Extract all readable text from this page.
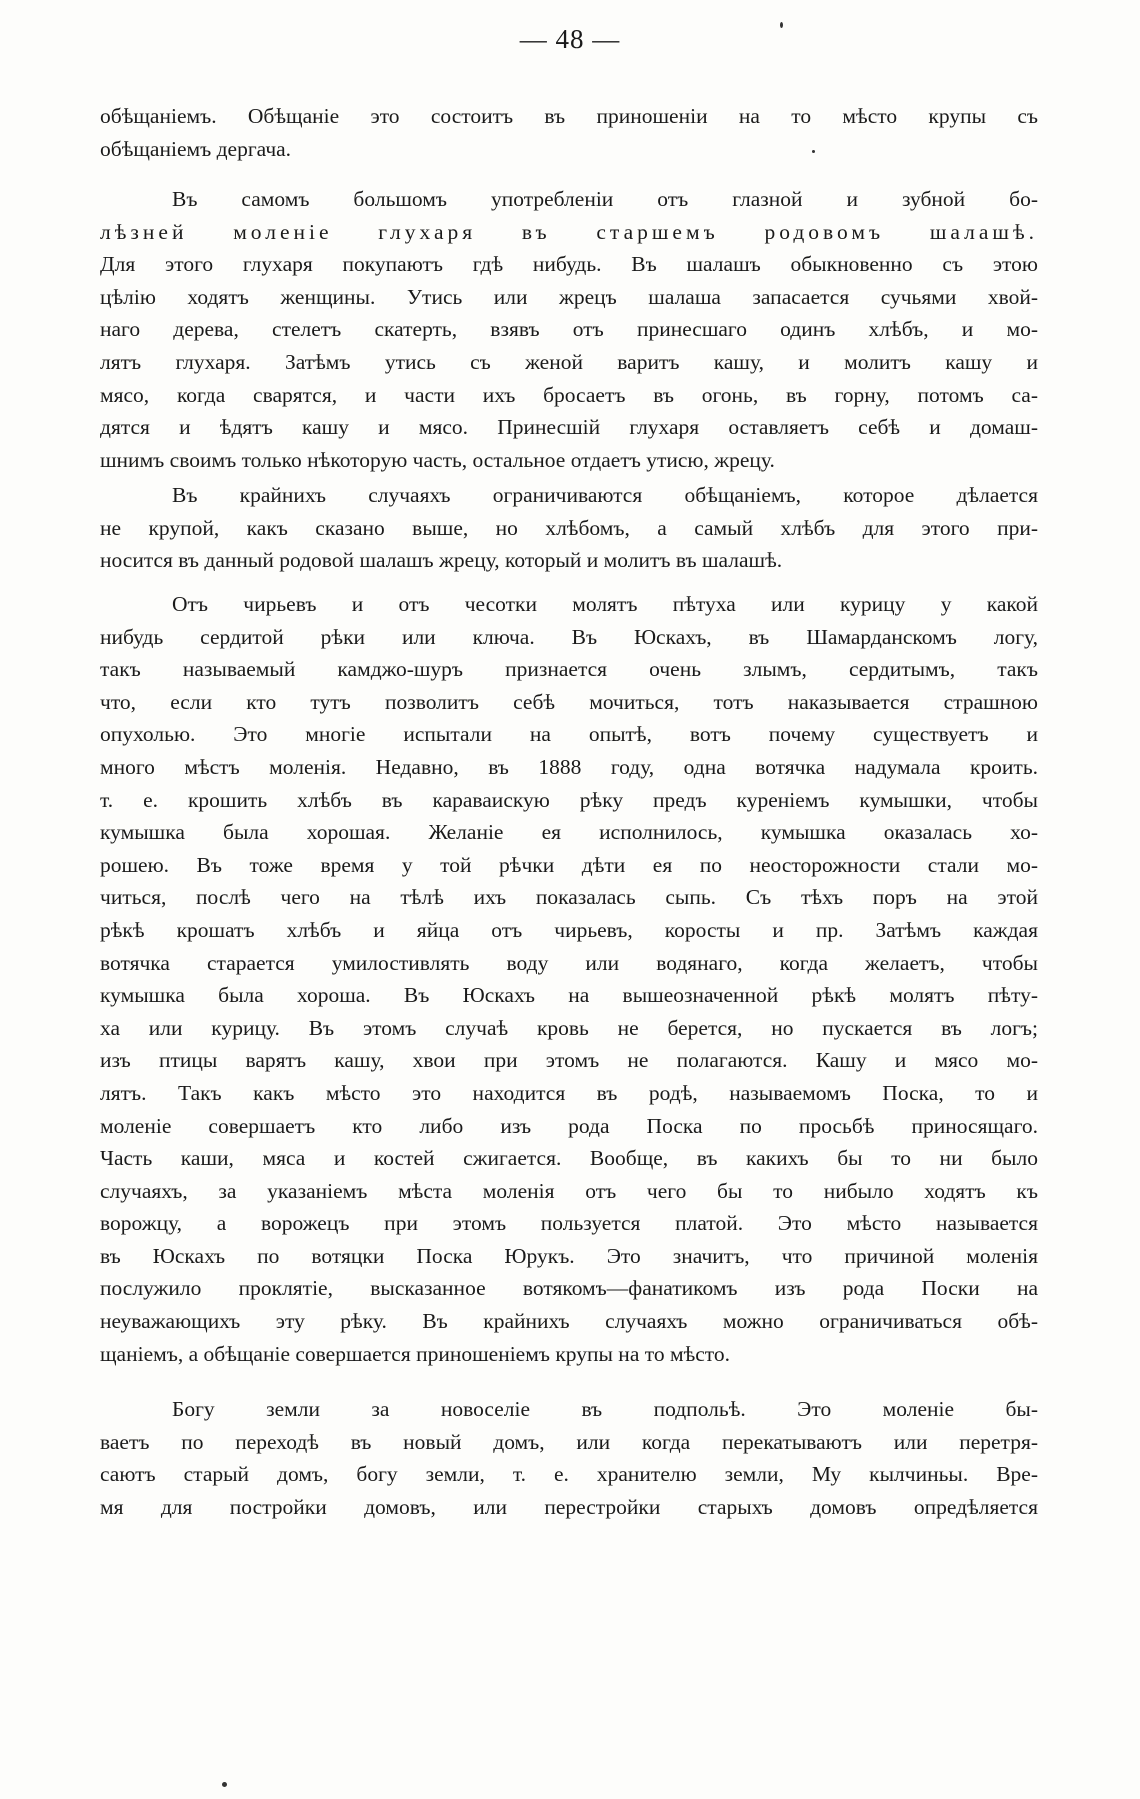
— 48 —
обѣщаніемъ. Обѣщаніе это состоитъ въ приношеніи на то мѣсто крупы съ
обѣщаніемъ дергача.
Въ самомъ большомъ употребленіи отъ глазной и зубной бо-
лѣзней моленіе глухаря въ старшемъ родовомъ шалашѣ.
Для этого глухаря покупаютъ гдѣ нибудь. Въ шалашъ обыкновенно съ этою
цѣлію ходятъ женщины. Утись или жрецъ шалаша запасается сучьями хвой-
наго дерева, стелетъ скатерть, взявъ отъ принесшаго одинъ хлѣбъ, и мо-
лятъ глухаря. Затѣмъ утись съ женой варитъ кашу, и молитъ кашу и
мясо, когда сварятся, и части ихъ бросаетъ въ огонь, въ горну, потомъ са-
дятся и ѣдятъ кашу и мясо. Принесшій глухаря оставляетъ себѣ и домаш-
шнимъ своимъ только нѣкоторую часть, остальное отдаетъ утисю, жрецу.
Въ крайнихъ случаяхъ ограничиваются обѣщаніемъ, которое дѣлается
не крупой, какъ сказано выше, но хлѣбомъ, а самый хлѣбъ для этого при-
носится въ данный родовой шалашъ жрецу, который и молитъ въ шалашѣ.
Отъ чирьевъ и отъ чесотки молятъ пѣтуха или курицу у какой
нибудь сердитой рѣки или ключа. Въ Юскахъ, въ Шамарданскомъ логу,
такъ называемый камджо-шуръ признается очень злымъ, сердитымъ, такъ
что, если кто тутъ позволитъ себѣ мочиться, тотъ наказывается страшною
опухолью. Это многіе испытали на опытѣ, вотъ почему существуетъ и
много мѣстъ моленія. Недавно, въ 1888 году, одна вотячка надумала кроить.
т. е. крошить хлѣбъ въ караваискую рѣку предъ куреніемъ кумышки, чтобы
кумышка была хорошая. Желаніе ея исполнилось, кумышка оказалась хо-
рошею. Въ тоже время у той рѣчки дѣти ея по неосторожности стали мо-
читься, послѣ чего на тѣлѣ ихъ показалась сыпь. Съ тѣхъ поръ на этой
рѣкѣ крошатъ хлѣбъ и яйца отъ чирьевъ, коросты и пр. Затѣмъ каждая
вотячка старается умилостивлять воду или водянаго, когда желаетъ, чтобы
кумышка была хороша. Въ Юскахъ на вышеозначенной рѣкѣ молятъ пѣту-
ха или курицу. Въ этомъ случаѣ кровь не берется, но пускается въ логъ;
изъ птицы варятъ кашу, хвои при этомъ не полагаются. Кашу и мясо мо-
лятъ. Такъ какъ мѣсто это находится въ родѣ, называемомъ Поска, то и
моленіе совершаетъ кто либо изъ рода Поска по просьбѣ приносящаго.
Часть каши, мяса и костей сжигается. Вообще, въ какихъ бы то ни было
случаяхъ, за указаніемъ мѣста моленія отъ чего бы то нибыло ходятъ къ
ворожцу, а ворожецъ при этомъ пользуется платой. Это мѣсто называется
въ Юскахъ по вотяцки Поска Юрукъ. Это значитъ, что причиной моленія
послужило проклятіе, высказанное вотякомъ—фанатикомъ изъ рода Поски на
неуважающихъ эту рѣку. Въ крайнихъ случаяхъ можно ограничиваться обѣ-
щаніемъ, а обѣщаніе совершается приношеніемъ крупы на то мѣсто.
Богу земли за новоселіе въ подпольѣ. Это моленіе бы-
ваетъ по переходѣ въ новый домъ, или когда перекатываютъ или перетря-
саютъ старый домъ, богу земли, т. е. хранителю земли, Му кылчиньы. Вре-
мя для постройки домовъ, или перестройки старыхъ домовъ опредѣляется
